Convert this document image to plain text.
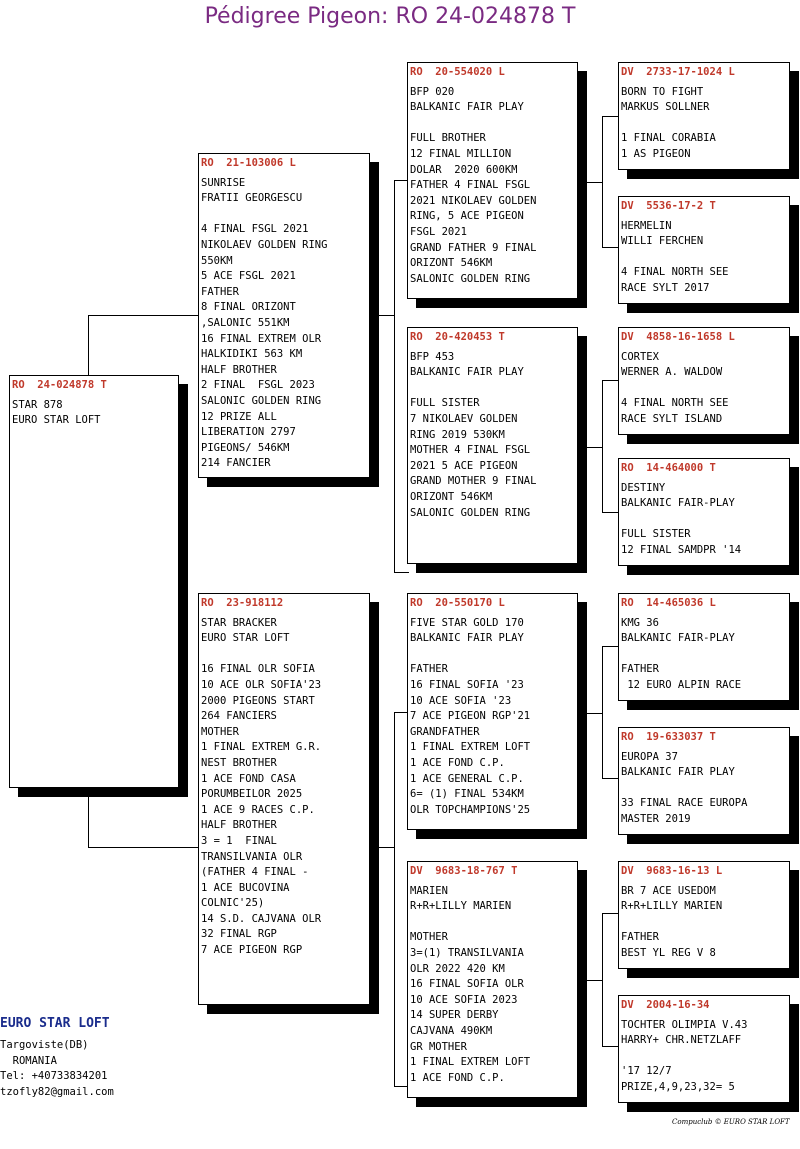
Pédigree Pigeon: RO 24-024878 T
RO  24-024878 T
STAR 878
EURO STAR LOFT
RO  21-103006 L
SUNRISE
FRATII GEORGESCU
4 FINAL FSGL 2021
NIKOLAEV GOLDEN RING
550KM
5 ACE FSGL 2021
FATHER
8 FINAL ORIZONT
,SALONIC 551KM
16 FINAL EXTREM OLR
HALKIDIKI 563 KM
HALF BROTHER
2 FINAL  FSGL 2023
SALONIC GOLDEN RING
12 PRIZE ALL
LIBERATION 2797
PIGEONS/ 546KM
214 FANCIER
RO  23-918112
STAR BRACKER
EURO STAR LOFT
16 FINAL OLR SOFIA
10 ACE OLR SOFIA'23
2000 PIGEONS START
264 FANCIERS
MOTHER
1 FINAL EXTREM G.R.
NEST BROTHER
1 ACE FOND CASA
PORUMBEILOR 2025
1 ACE 9 RACES C.P.
HALF BROTHER
3 = 1  FINAL
TRANSILVANIA OLR
(FATHER 4 FINAL -
1 ACE BUCOVINA
COLNIC'25)
14 S.D. CAJVANA OLR
32 FINAL RGP
7 ACE PIGEON RGP
RO  20-554020 L
BFP 020
BALKANIC FAIR PLAY
FULL BROTHER
12 FINAL MILLION
DOLAR  2020 600KM
FATHER 4 FINAL FSGL
2021 NIKOLAEV GOLDEN
RING, 5 ACE PIGEON
FSGL 2021
GRAND FATHER 9 FINAL
ORIZONT 546KM
SALONIC GOLDEN RING
RO  20-420453 T
BFP 453
BALKANIC FAIR PLAY
FULL SISTER
7 NIKOLAEV GOLDEN
RING 2019 530KM
MOTHER 4 FINAL FSGL
2021 5 ACE PIGEON
GRAND MOTHER 9 FINAL
ORIZONT 546KM
SALONIC GOLDEN RING
RO  20-550170 L
FIVE STAR GOLD 170
BALKANIC FAIR PLAY
FATHER
16 FINAL SOFIA '23
10 ACE SOFIA '23
7 ACE PIGEON RGP'21
GRANDFATHER
1 FINAL EXTREM LOFT
1 ACE FOND C.P.
1 ACE GENERAL C.P.
6= (1) FINAL 534KM
OLR TOPCHAMPIONS'25
DV  9683-18-767 T
MARIEN
R+R+LILLY MARIEN
MOTHER
3=(1) TRANSILVANIA
OLR 2022 420 KM
16 FINAL SOFIA OLR
10 ACE SOFIA 2023
14 SUPER DERBY
CAJVANA 490KM
GR MOTHER
1 FINAL EXTREM LOFT
1 ACE FOND C.P.
DV  2733-17-1024 L
BORN TO FIGHT
MARKUS SOLLNER
1 FINAL CORABIA
1 AS PIGEON
DV  5536-17-2 T
HERMELIN
WILLI FERCHEN
4 FINAL NORTH SEE
RACE SYLT 2017
DV  4858-16-1658 L
CORTEX
WERNER A. WALDOW
4 FINAL NORTH SEE
RACE SYLT ISLAND
RO  14-464000 T
DESTINY
BALKANIC FAIR-PLAY
FULL SISTER
12 FINAL SAMDPR '14
RO  14-465036 L
KMG 36
BALKANIC FAIR-PLAY
FATHER
12 EURO ALPIN RACE
RO  19-633037 T
EUROPA 37
BALKANIC FAIR PLAY
33 FINAL RACE EUROPA
MASTER 2019
DV  9683-16-13 L
BR 7 ACE USEDOM
R+R+LILLY MARIEN
FATHER
BEST YL REG V 8
DV  2004-16-34
TOCHTER OLIMPIA V.43
HARRY+ CHR.NETZLAFF
'17 12/7
PRIZE,4,9,23,32= 5
EURO STAR LOFT
Targoviste(DB)
ROMANIA
Tel: +40733834201
tzofly82@gmail.com
Compuclub © EURO STAR LOFT
